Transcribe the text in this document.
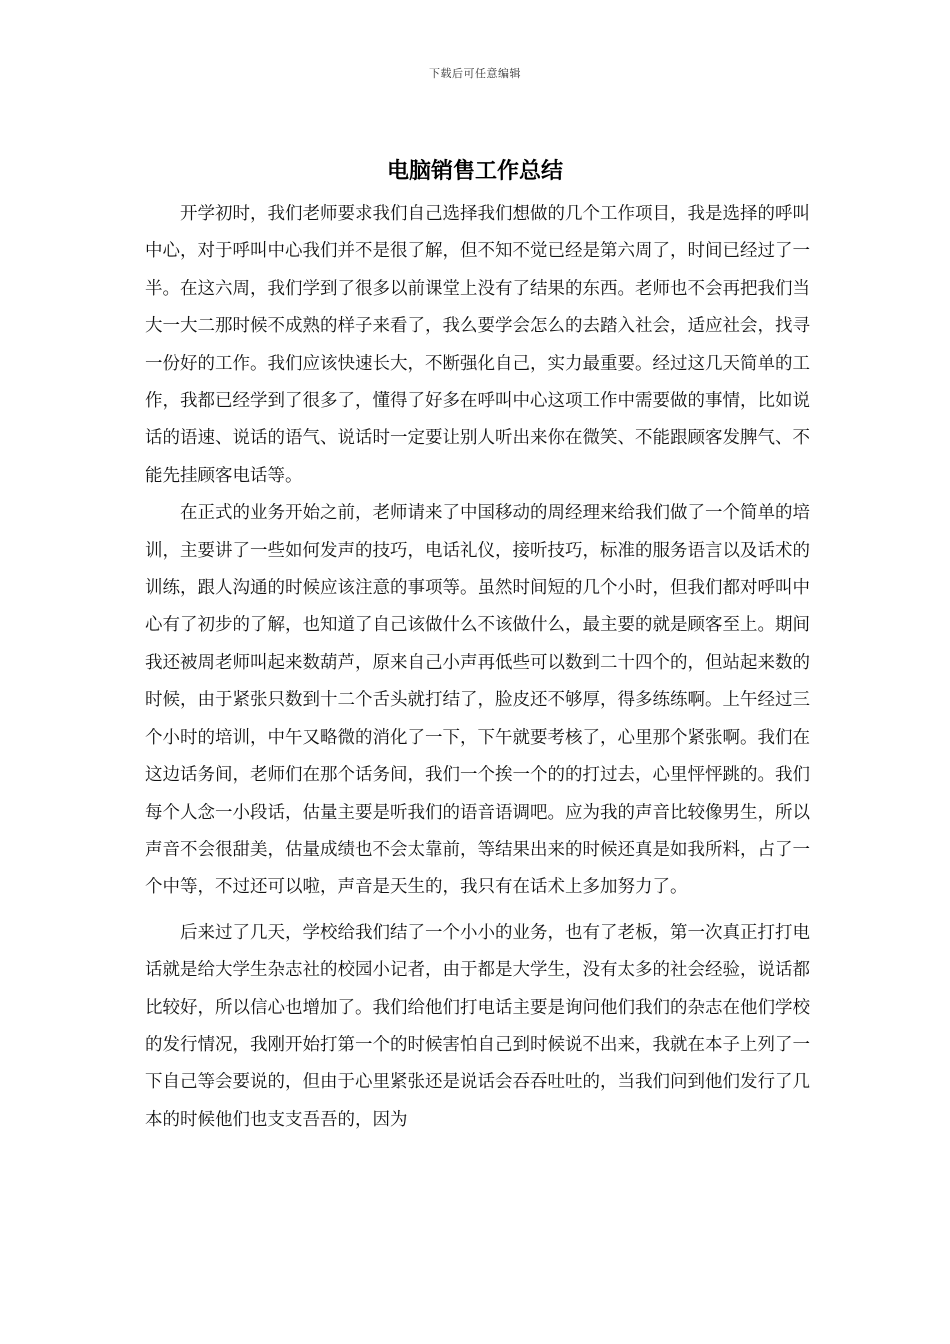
下载后可任意编辑
电脑销售工作总结

开学初时，我们老师要求我们自己选择我们想做的几个工作项目，我是选择的呼叫中心，对于呼叫中心我们并不是很了解，但不知不觉已经是第六周了，时间已经过了一半。在这六周，我们学到了很多以前课堂上没有了结果的东西。老师也不会再把我们当大一大二那时候不成熟的样子来看了，我么要学会怎么的去踏入社会，适应社会，找寻一份好的工作。我们应该快速长大，不断强化自己，实力最重要。经过这几天简单的工作，我都已经学到了很多了，懂得了好多在呼叫中心这项工作中需要做的事情，比如说话的语速、说话的语气、说话时一定要让别人听出来你在微笑、不能跟顾客发脾气、不能先挂顾客电话等。

在正式的业务开始之前，老师请来了中国移动的周经理来给我们做了一个简单的培训，主要讲了一些如何发声的技巧，电话礼仪，接听技巧，标准的服务语言以及话术的训练，跟人沟通的时候应该注意的事项等。虽然时间短的几个小时，但我们都对呼叫中心有了初步的了解，也知道了自己该做什么不该做什么，最主要的就是顾客至上。期间我还被周老师叫起来数葫芦，原来自己小声再低些可以数到二十四个的，但站起来数的时候，由于紧张只数到十二个舌头就打结了，脸皮还不够厚，得多练练啊。上午经过三个小时的培训，中午又略微的消化了一下，下午就要考核了，心里那个紧张啊。我们在这边话务间，老师们在那个话务间，我们一个挨一个的的打过去，心里怦怦跳的。我们每个人念一小段话，估量主要是听我们的语音语调吧。应为我的声音比较像男生，所以声音不会很甜美，估量成绩也不会太靠前，等结果出来的时候还真是如我所料，占了一个中等，不过还可以啦，声音是天生的，我只有在话术上多加努力了。

后来过了几天，学校给我们结了一个小小的业务，也有了老板，第一次真正打打电话就是给大学生杂志社的校园小记者，由于都是大学生，没有太多的社会经验，说话都比较好，所以信心也增加了。我们给他们打电话主要是询问他们我们的杂志在他们学校的发行情况，我刚开始打第一个的时候害怕自己到时候说不出来，我就在本子上列了一下自己等会要说的，但由于心里紧张还是说话会吞吞吐吐的，当我们问到他们发行了几本的时候他们也支支吾吾的，因为
